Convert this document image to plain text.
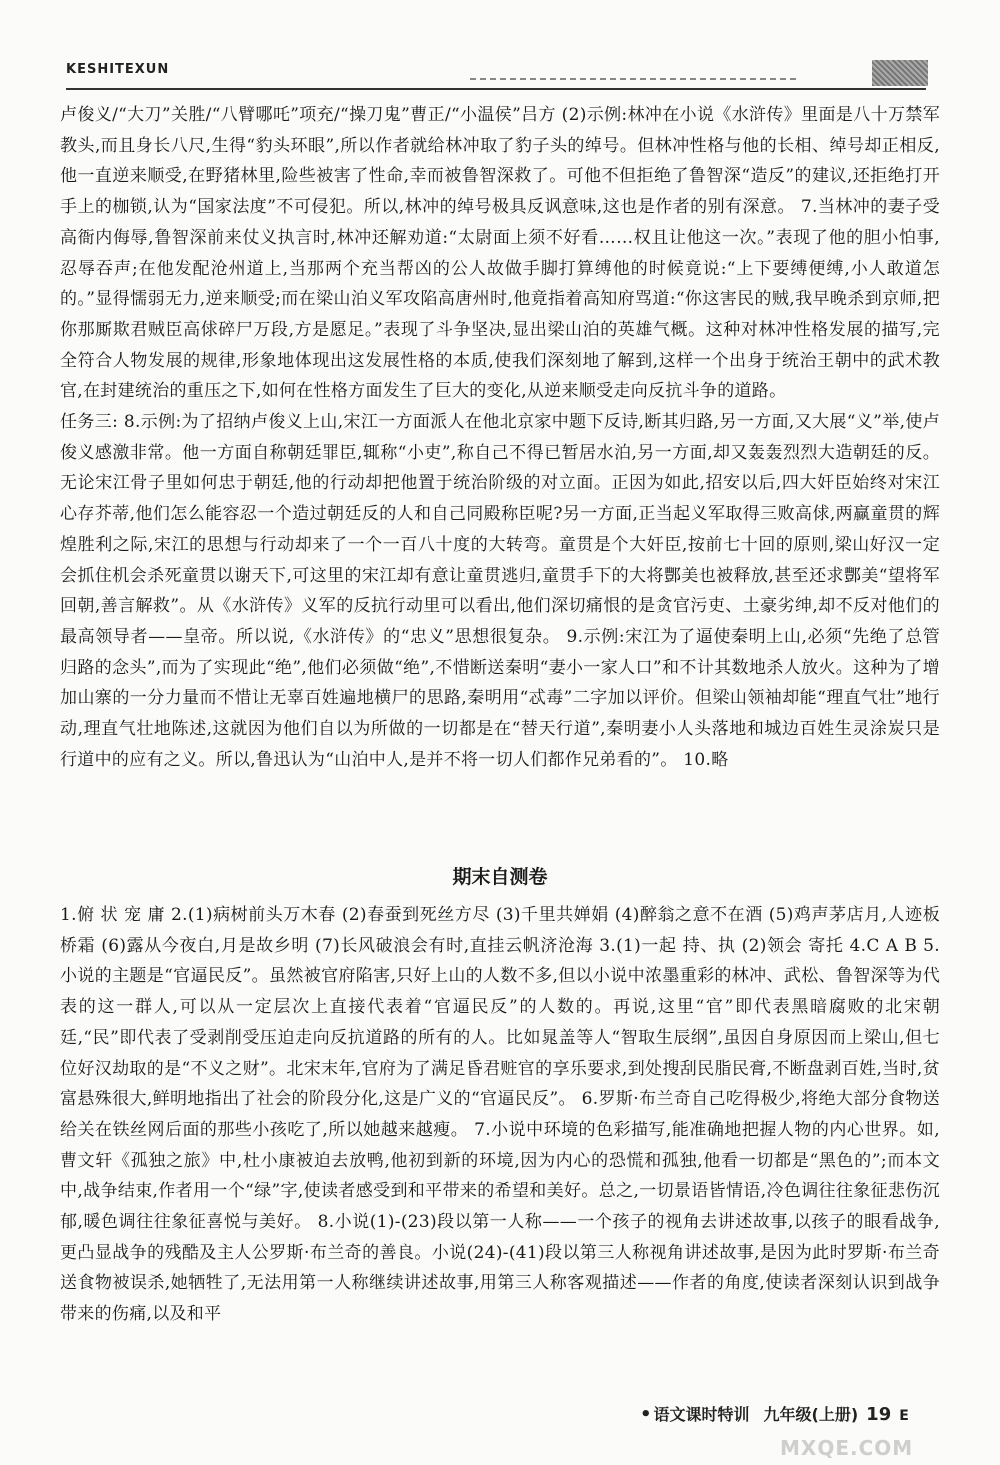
KESHITEXUN

卢俊义/“大刀”关胜/“八臂哪吒”项充/“操刀鬼”曹正/“小温侯”吕方 (2)示例:林冲在小说《水浒传》里面是八十万禁军教头,而且身长八尺,生得“豹头环眼”,所以作者就给林冲取了豹子头的绰号。但林冲性格与他的长相、绰号却正相反,他一直逆来顺受,在野猪林里,险些被害了性命,幸而被鲁智深救了。可他不但拒绝了鲁智深“造反”的建议,还拒绝打开手上的枷锁,认为“国家法度”不可侵犯。所以,林冲的绰号极具反讽意味,这也是作者的别有深意。 7.当林冲的妻子受高衙内侮辱,鲁智深前来仗义执言时,林冲还解劝道:“太尉面上须不好看……权且让他这一次。”表现了他的胆小怕事,忍辱吞声;在他发配沧州道上,当那两个充当帮凶的公人故做手脚打算缚他的时候竟说:“上下要缚便缚,小人敢道怎的。”显得懦弱无力,逆来顺受;而在梁山泊义军攻陷高唐州时,他竟指着高知府骂道:“你这害民的贼,我早晚杀到京师,把你那厮欺君贼臣高俅碎尸万段,方是愿足。”表现了斗争坚决,显出梁山泊的英雄气概。这种对林冲性格发展的描写,完全符合人物发展的规律,形象地体现出这发展性格的本质,使我们深刻地了解到,这样一个出身于统治王朝中的武术教官,在封建统治的重压之下,如何在性格方面发生了巨大的变化,从逆来顺受走向反抗斗争的道路。
任务三: 8.示例:为了招纳卢俊义上山,宋江一方面派人在他北京家中题下反诗,断其归路,另一方面,又大展“义”举,使卢俊义感激非常。他一方面自称朝廷罪臣,辄称“小吏”,称自己不得已暂居水泊,另一方面,却又轰轰烈烈大造朝廷的反。无论宋江骨子里如何忠于朝廷,他的行动却把他置于统治阶级的对立面。正因为如此,招安以后,四大奸臣始终对宋江心存芥蒂,他们怎么能容忍一个造过朝廷反的人和自己同殿称臣呢?另一方面,正当起义军取得三败高俅,两赢童贯的辉煌胜利之际,宋江的思想与行动却来了一个一百八十度的大转弯。童贯是个大奸臣,按前七十回的原则,梁山好汉一定会抓住机会杀死童贯以谢天下,可这里的宋江却有意让童贯逃归,童贯手下的大将酆美也被释放,甚至还求酆美“望将军回朝,善言解救”。从《水浒传》义军的反抗行动里可以看出,他们深切痛恨的是贪官污吏、土豪劣绅,却不反对他们的最高领导者——皇帝。所以说,《水浒传》的“忠义”思想很复杂。 9.示例:宋江为了逼使秦明上山,必须“先绝了总管归路的念头”,而为了实现此“绝”,他们必须做“绝”,不惜断送秦明“妻小一家人口”和不计其数地杀人放火。这种为了增加山寨的一分力量而不惜让无辜百姓遍地横尸的思路,秦明用“忒毒”二字加以评价。但梁山领袖却能“理直气壮”地行动,理直气壮地陈述,这就因为他们自以为所做的一切都是在“替天行道”,秦明妻小人头落地和城边百姓生灵涂炭只是行道中的应有之义。所以,鲁迅认为“山泊中人,是并不将一切人们都作兄弟看的”。 10.略

期末自测卷

1.俯 状 宠 庸 2.(1)病树前头万木春 (2)春蚕到死丝方尽 (3)千里共婵娟 (4)醉翁之意不在酒 (5)鸡声茅店月,人迹板桥霜 (6)露从今夜白,月是故乡明 (7)长风破浪会有时,直挂云帆济沧海 3.(1)一起 持、执 (2)领会 寄托 4.C A B 5.小说的主题是“官逼民反”。虽然被官府陷害,只好上山的人数不多,但以小说中浓墨重彩的林冲、武松、鲁智深等为代表的这一群人,可以从一定层次上直接代表着“官逼民反”的人数的。再说,这里“官”即代表黑暗腐败的北宋朝廷,“民”即代表了受剥削受压迫走向反抗道路的所有的人。比如晁盖等人“智取生辰纲”,虽因自身原因而上梁山,但七位好汉劫取的是“不义之财”。北宋末年,官府为了满足昏君赃官的享乐要求,到处搜刮民脂民膏,不断盘剥百姓,当时,贫富悬殊很大,鲜明地指出了社会的阶段分化,这是广义的“官逼民反”。 6.罗斯·布兰奇自己吃得极少,将绝大部分食物送给关在铁丝网后面的那些小孩吃了,所以她越来越瘦。 7.小说中环境的色彩描写,能准确地把握人物的内心世界。如,曹文轩《孤独之旅》中,杜小康被迫去放鸭,他初到新的环境,因为内心的恐慌和孤独,他看一切都是“黑色的”;而本文中,战争结束,作者用一个“绿”字,使读者感受到和平带来的希望和美好。总之,一切景语皆情语,冷色调往往象征悲伤沉郁,暖色调往往象征喜悦与美好。 8.小说(1)-(23)段以第一人称——一个孩子的视角去讲述故事,以孩子的眼看战争,更凸显战争的残酷及主人公罗斯·布兰奇的善良。小说(24)-(41)段以第三人称视角讲述故事,是因为此时罗斯·布兰奇送食物被误杀,她牺牲了,无法用第一人称继续讲述故事,用第三人称客观描述——作者的角度,使读者深刻认识到战争带来的伤痛,以及和平

• 语文课时特训 九年级(上册) 19 E
MXQE.COM
